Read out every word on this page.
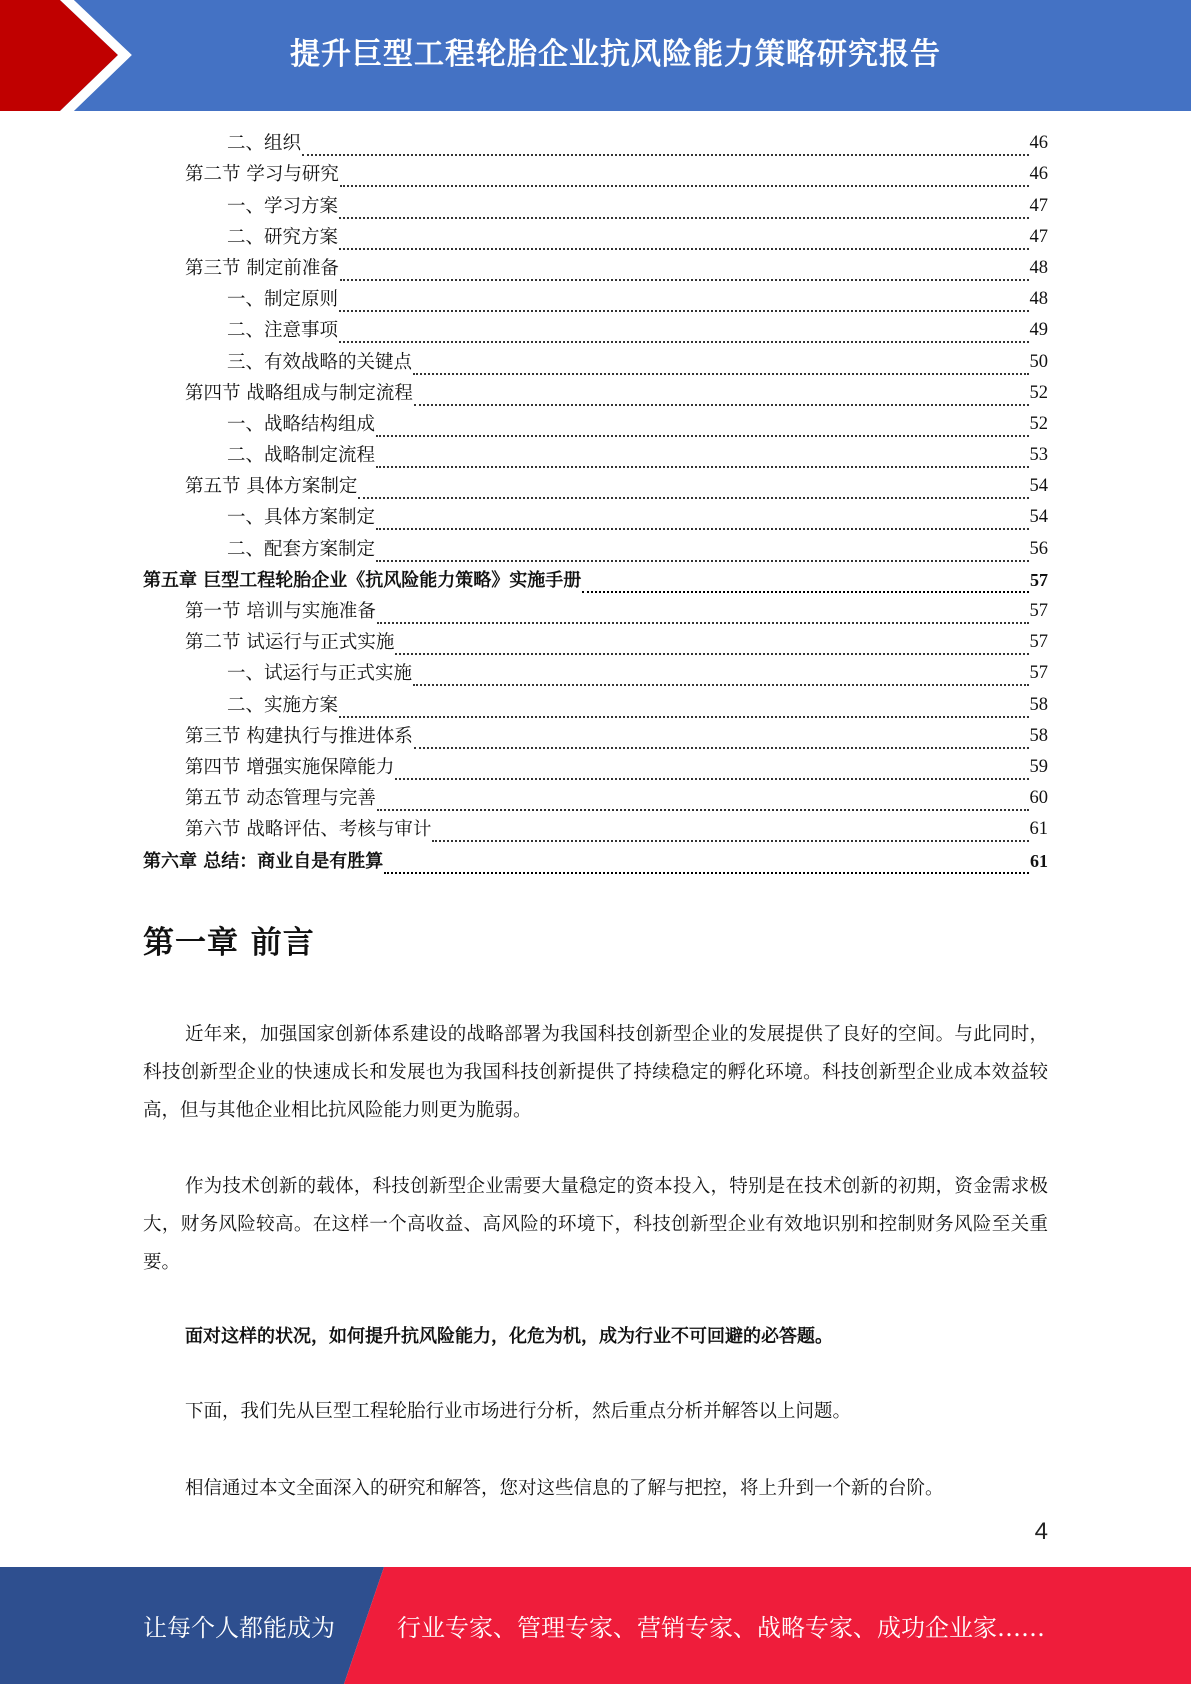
提升巨型工程轮胎企业抗风险能力策略研究报告
二、组织	46
第二节 学习与研究	46
一、学习方案	47
二、研究方案	47
第三节 制定前准备	48
一、制定原则	48
二、注意事项	49
三、有效战略的关键点	50
第四节 战略组成与制定流程	52
一、战略结构组成	52
二、战略制定流程	53
第五节 具体方案制定	54
一、具体方案制定	54
二、配套方案制定	56
第五章 巨型工程轮胎企业《抗风险能力策略》实施手册	57
第一节 培训与实施准备	57
第二节 试运行与正式实施	57
一、试运行与正式实施	57
二、实施方案	58
第三节 构建执行与推进体系	58
第四节 增强实施保障能力	59
第五节 动态管理与完善	60
第六节 战略评估、考核与审计	61
第六章 总结：商业自是有胜算	61
第一章 前言
近年来，加强国家创新体系建设的战略部署为我国科技创新型企业的发展提供了良好的空间。与此同时，科技创新型企业的快速成长和发展也为我国科技创新提供了持续稳定的孵化环境。科技创新型企业成本效益较高，但与其他企业相比抗风险能力则更为脆弱。
作为技术创新的载体，科技创新型企业需要大量稳定的资本投入，特别是在技术创新的初期，资金需求极大，财务风险较高。在这样一个高收益、高风险的环境下，科技创新型企业有效地识别和控制财务风险至关重要。
面对这样的状况，如何提升抗风险能力，化危为机，成为行业不可回避的必答题。
下面，我们先从巨型工程轮胎行业市场进行分析，然后重点分析并解答以上问题。
相信通过本文全面深入的研究和解答，您对这些信息的了解与把控，将上升到一个新的台阶。
4
让每个人都能成为	行业专家、管理专家、营销专家、战略专家、成功企业家……
